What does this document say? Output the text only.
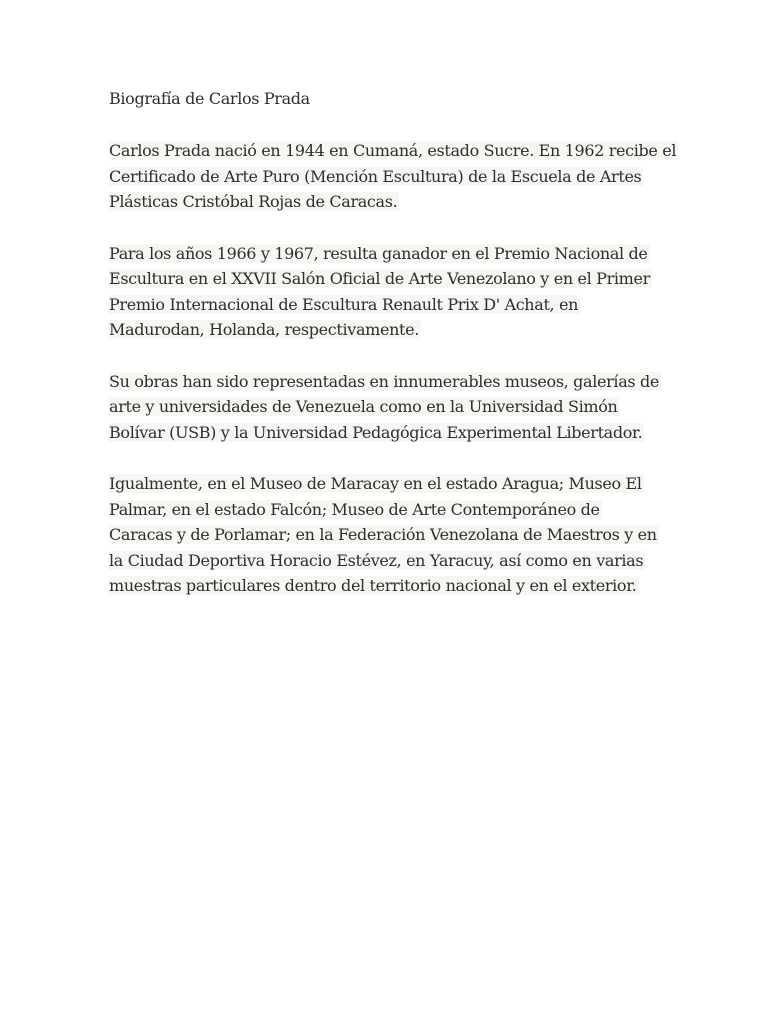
Biografía de Carlos Prada
Carlos Prada nació en 1944 en Cumaná, estado Sucre. En 1962 recibe el
Certificado de Arte Puro (Mención Escultura) de la Escuela de Artes
Plásticas Cristóbal Rojas de Caracas.
Para los años 1966 y 1967, resulta ganador en el Premio Nacional de
Escultura en el XXVII Salón Oficial de Arte Venezolano y en el Primer
Premio Internacional de Escultura Renault Prix D' Achat, en
Madurodan, Holanda, respectivamente.
Su obras han sido representadas en innumerables museos, galerías de
arte y universidades de Venezuela como en la Universidad Simón
Bolívar (USB) y la Universidad Pedagógica Experimental Libertador.
Igualmente, en el Museo de Maracay en el estado Aragua; Museo El
Palmar, en el estado Falcón; Museo de Arte Contemporáneo de
Caracas y de Porlamar; en la Federación Venezolana de Maestros y en
la Ciudad Deportiva Horacio Estévez, en Yaracuy, así como en varias
muestras particulares dentro del territorio nacional y en el exterior.
